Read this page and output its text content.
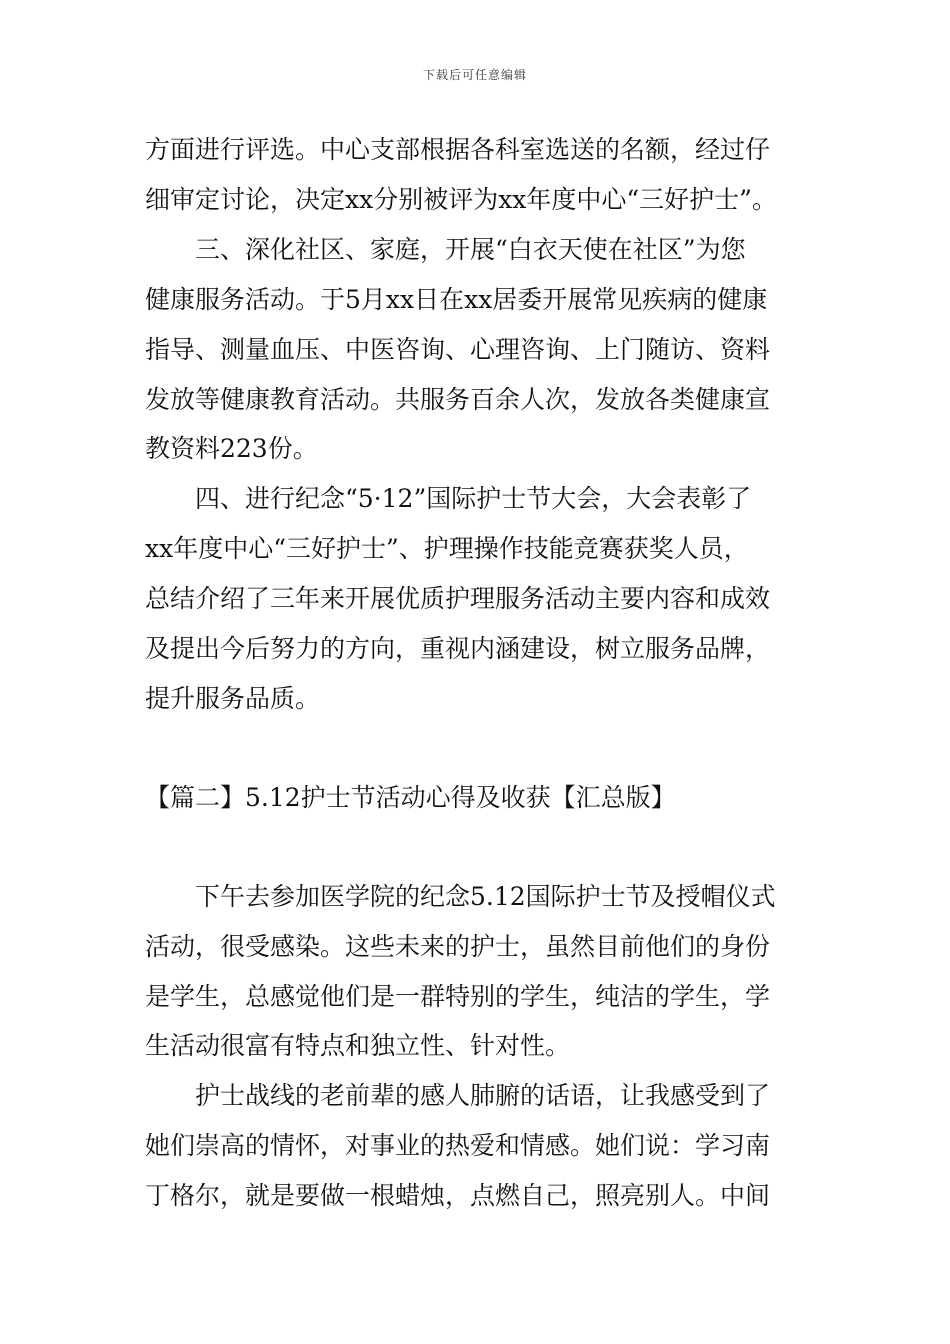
下载后可任意编辑
方面进行评选。中心支部根据各科室选送的名额，经过仔
细审定讨论，决定xx分别被评为xx年度中心“三好护士”。
三、深化社区、家庭，开展“白衣天使在社区”为您
健康服务活动。于5月xx日在xx居委开展常见疾病的健康
指导、测量血压、中医咨询、心理咨询、上门随访、资料
发放等健康教育活动。共服务百余人次，发放各类健康宣
教资料223份。
四、进行纪念“5·12”国际护士节大会，大会表彰了
xx年度中心“三好护士”、护理操作技能竞赛获奖人员，
总结介绍了三年来开展优质护理服务活动主要内容和成效
及提出今后努力的方向，重视内涵建设，树立服务品牌，
提升服务品质。
【篇二】5.12护士节活动心得及收获【汇总版】
下午去参加医学院的纪念5.12国际护士节及授帽仪式
活动，很受感染。这些未来的护士，虽然目前他们的身份
是学生，总感觉他们是一群特别的学生，纯洁的学生，学
生活动很富有特点和独立性、针对性。
护士战线的老前辈的感人肺腑的话语，让我感受到了
她们崇高的情怀，对事业的热爱和情感。她们说：学习南
丁格尔，就是要做一根蜡烛，点燃自己，照亮别人。中间
